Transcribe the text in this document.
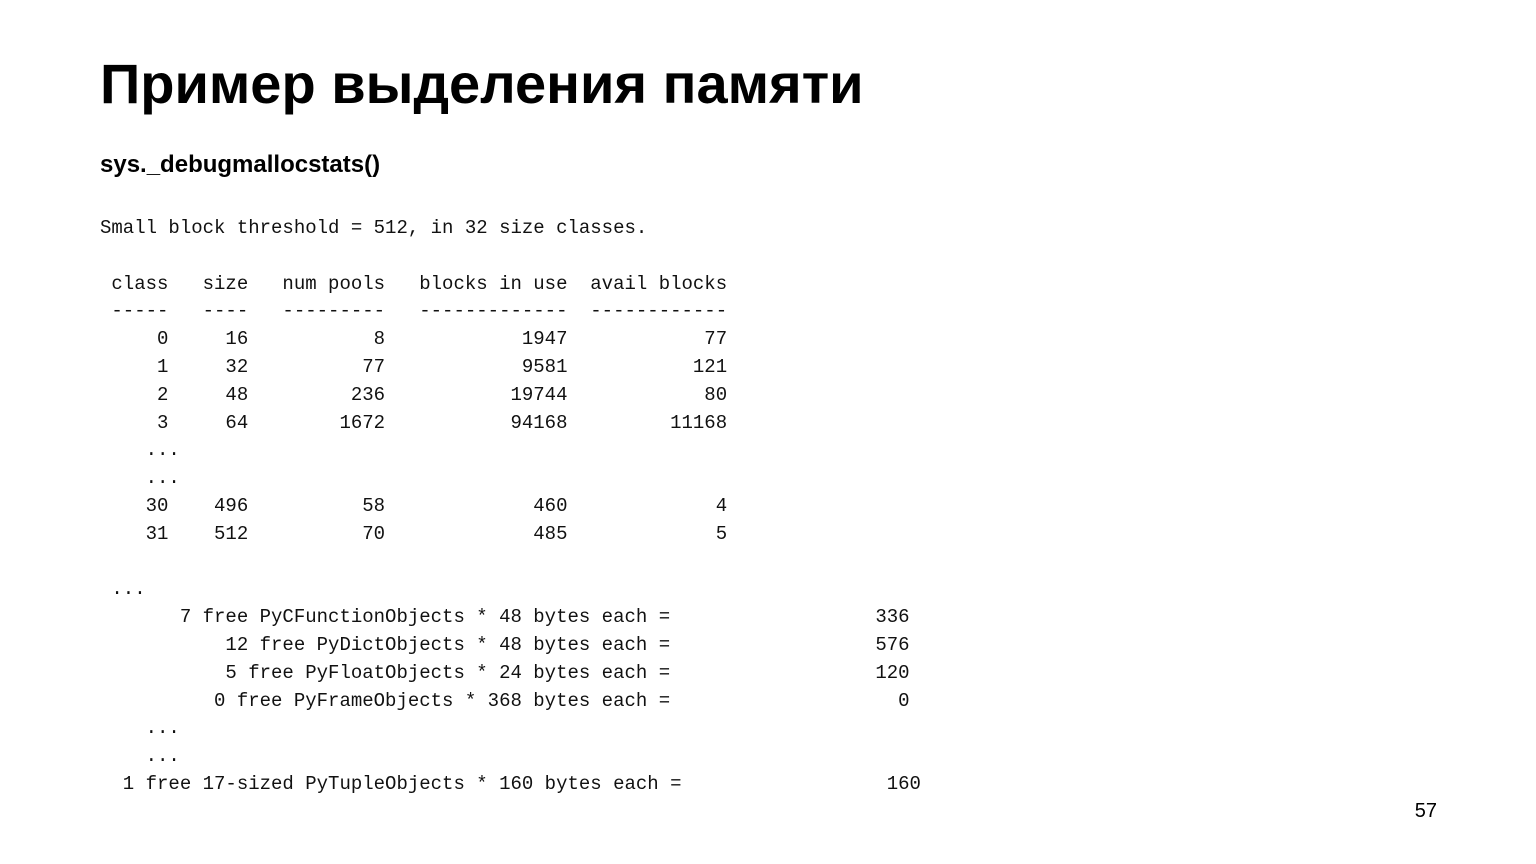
Пример выделения памяти
sys._debugmallocstats()
Small block threshold = 512, in 32 size classes.
class   size   num pools   blocks in use  avail blocks
-----   ----   ---------   -------------  ------------
0     16           8            1947            77
1     32          77            9581           121
2     48         236           19744            80
3     64        1672           94168         11168
...
...
30    496          58             460             4
31    512          70             485             5
...
7 free PyCFunctionObjects * 48 bytes each =                  336
12 free PyDictObjects * 48 bytes each =                  576
5 free PyFloatObjects * 24 bytes each =                  120
0 free PyFrameObjects * 368 bytes each =                    0
...
...
1 free 17-sized PyTupleObjects * 160 bytes each =                  160
57
